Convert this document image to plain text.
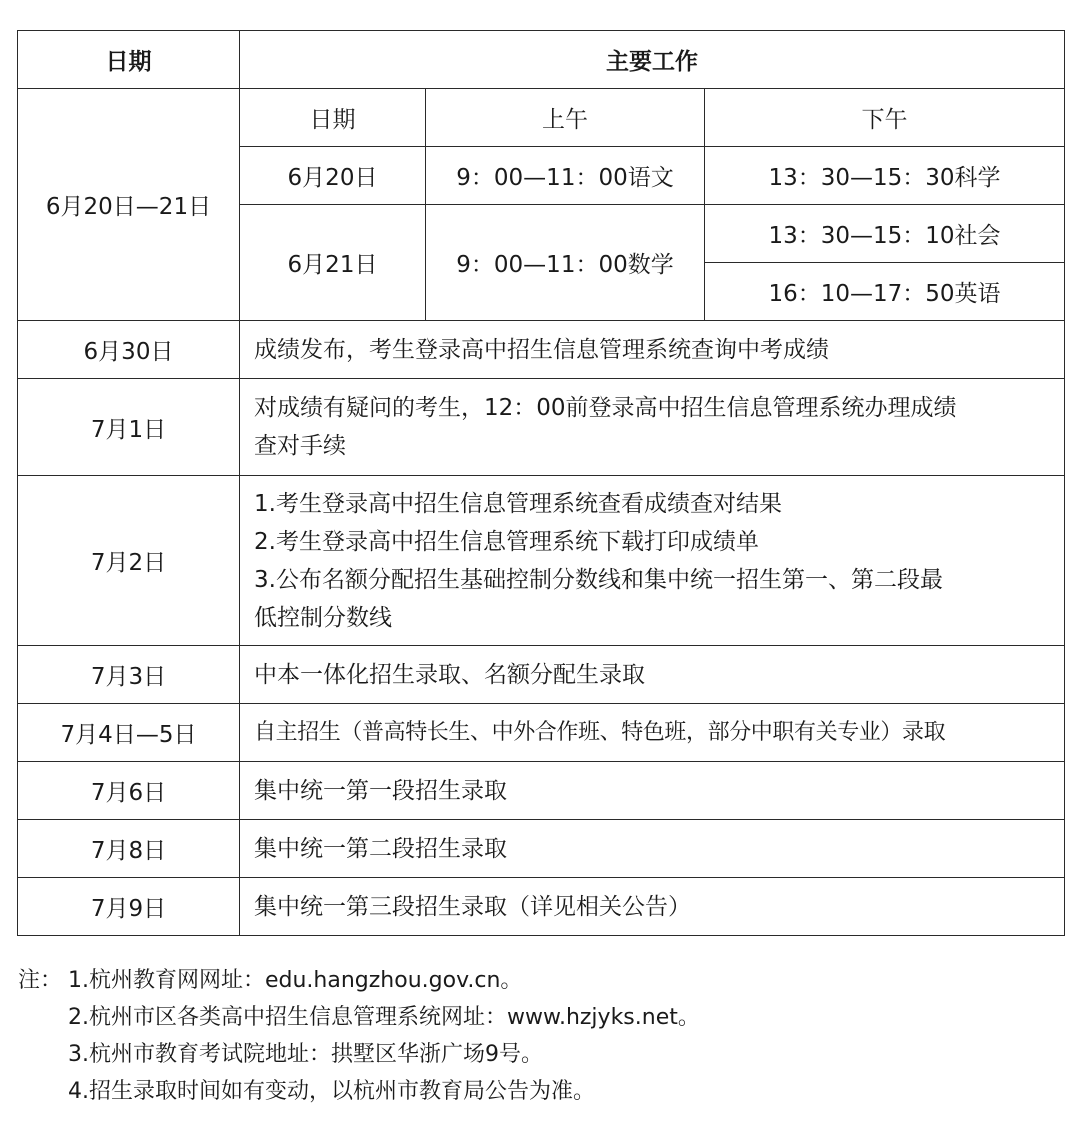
日期	主要工作		
6月20日—21日	日期	上午	下午
	6月20日	9：00—11：00语文	13：30—15：30科学
	6月21日	9：00—11：00数学	13：30—15：10社会
			16：10—17：50英语
6月30日	成绩发布，考生登录高中招生信息管理系统查询中考成绩		

7月1日	对成绩有疑问的考生，12：00前登录高中招生信息管理系统办理成绩
查对手续		

7月2日	1.考生登录高中招生信息管理系统查看成绩查对结果
2.考生登录高中招生信息管理系统下载打印成绩单
3.公布名额分配招生基础控制分数线和集中统一招生第一、第二段最
低控制分数线		

7月3日	中本一体化招生录取、名额分配生录取		

7月4日—5日	自主招生（普高特长生、中外合作班、特色班，部分中职有关专业）录取		

7月6日	集中统一第一段招生录取		

7月8日	集中统一第二段招生录取		

7月9日	集中统一第三段招生录取（详见相关公告）		
注： 1.杭州教育网网址：edu.hangzhou.gov.cn。
2.杭州市区各类高中招生信息管理系统网址：www.hzjyks.net。
3.杭州市教育考试院地址：拱墅区华浙广场9号。
4.招生录取时间如有变动，以杭州市教育局公告为准。
